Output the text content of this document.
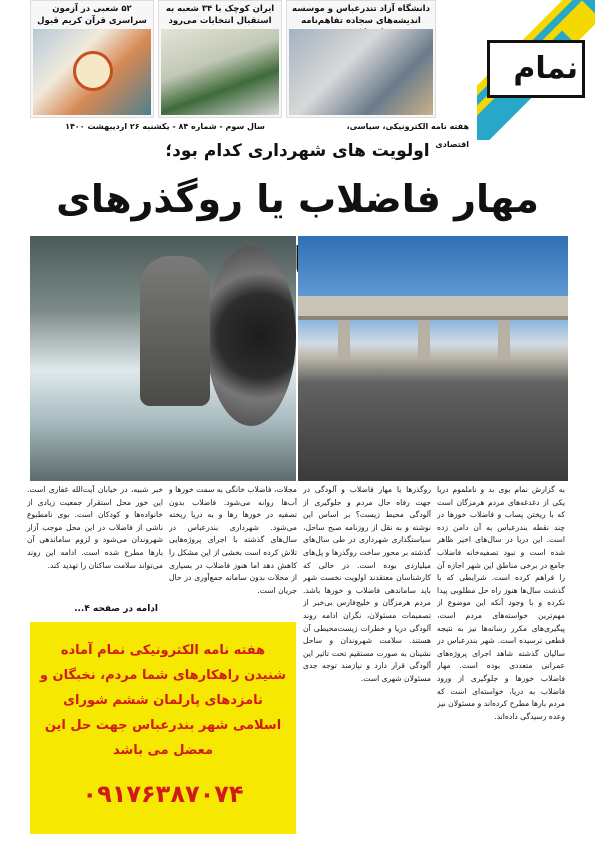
نمام
دانشگاه آزاد تندرعباس و موسسه اندیشه‌های سجاده تفاهم‌نامه
ایران کوچک با ۳۴ شعبه به استقبال انتخابات می‌رود
۵۲ شعبی در آزمون سراسری قرآن کریم قبول
هفته نامه الکترونیکی، سیاسی، اقتصادی
سال سوم - شماره ۸۴ - یکشنبه ۲۶ اردیبهشت ۱۴۰۰
اولویت های شهرداری کدام بود؛
مهار فاضلاب یا روگذرهای
به گزارش نمام بوی بد و ناملموم دریا یکی از دغدغه‌های مردم هرمزگان است که با ریختن پساب و فاضلاب خورها در چند نقطه بندرعباس به آن دامن زده است. این دریا در سال‌های اخیر ظاهر شده است و نبود تصفیه‌خانه فاضلاب جامع در برخی مناطق این شهر اجازه آن را فراهم کرده است. شرایطی که با گذشت سال‌ها هنوز راه حل مطلوبی پیدا نکرده و با وجود آنکه این موضوع از مهم‌ترین خواسته‌های مردم است، پیگیری‌های مکرر رسانه‌ها نیز به نتیجه قطعی نرسیده است. شهر بندرعباس در سالیان گذشته شاهد اجرای پروژه‌های عمرانی متعددی بوده است. مهار فاضلاب خورها و جلوگیری از ورود فاضلاب به دریا، خواسته‌ای است که مردم بارها مطرح کرده‌اند و مسئولان نیز وعده رسیدگی داده‌اند.
روگذرها یا مهار فاضلاب و آلودگی در جهت رفاه حال مردم و جلوگیری از آلودگی محیط زیست؟ بر اساس این نوشته و به نقل از روزنامه صبح ساحل، سیاستگذاری شهرداری در طی سال‌های گذشته بر محور ساخت روگذرها و پل‌های میلیاردی بوده است. در حالی که کارشناسان معتقدند اولویت نخست شهر باید ساماندهی فاضلاب و خورها باشد. مردم هرمزگان و خلیج‌فارس بی‌خبر از تصمیمات مسئولان، نگران ادامه روند آلودگی دریا و خطرات زیست‌محیطی آن هستند. سلامت شهروندان و ساحل نشینان به صورت مستقیم تحت تاثیر این آلودگی قرار دارد و نیازمند توجه جدی مسئولان شهری است.
مجلات، فاضلاب خانگی به سمت خورها و آب‌ها روانه می‌شود. فاضلاب بدون تصفیه در خورها رها و به دریا ریخته می‌شود. شهرداری بندرعباس در سال‌های گذشته با اجرای پروژه‌هایی تلاش کرده است بخشی از این مشکل را کاهش دهد اما هنوز فاضلاب در بسیاری از محلات بدون سامانه جمع‌آوری در حال جریان است.
خبر شبیه، در خیابان آیت‌الله غفاری است. این خور محل استقرار جمعیت زیادی از خانواده‌ها و کودکان است. بوی نامطبوع ناشی از فاضلاب در این محل موجب آزار شهروندان می‌شود و لزوم ساماندهی آن بارها مطرح شده است. ادامه این روند می‌تواند سلامت ساکنان را تهدید کند.
ادامه در صفحه ۴...
هفته نامه الکترونیکی نمام آماده شنیدن راهکارهای شما مردم، نخبگان و نامزدهای پارلمان ششم شورای اسلامی شهر بندرعباس جهت حل این معضل می باشد
۰۹۱۷۶۳۸۷۰۷۴
